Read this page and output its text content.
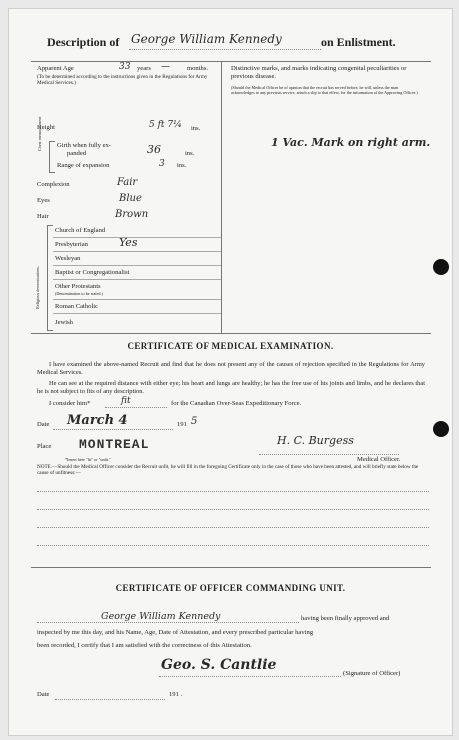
Description of George William Kennedy	on Enlistment.
Apparent Age	33 years —	months.
(To be determined according to the instructions given in the Regulations for Army Medical Services.)
Height	5 ft 7¼ ins.
Chest measure-ment Girth when fully ex-
panded	36	ins.
Range of expansion	3 ins.
Complexion	Fair
Eyes	Blue
Hair	Brown
Religious denominations.
Church of England
Presbyterian	Yes
Wesleyan
Baptist or Congregationalist
Other Protestants
(Denomination to be stated.)
Roman Catholic
Jewish
Distinctive marks, and marks indicating congenital peculiarities or previous disease.
(Should the Medical Officer be of opinion that the recruit has served before, he will, unless the man acknowledges to any previous service, attach a slip to that effect, for the information of the Approving Officer.)
1 Vac. Mark on right arm.
CERTIFICATE OF MEDICAL EXAMINATION.
I have examined the above-named Recruit and find that he does not present any of the causes of rejection specified in the Regulations for Army Medical Services.
He can see at the required distance with either eye; his heart and lungs are healthy; he has the free use of his joints and limbs, and he declares that he is not subject to fits of any description.
I consider him*	fit	for the Canadian Over-Seas Expeditionary Force.
Date March 4	191 5
Place MONTREAL	H. C. Burgess
*Insert here "fit" or "unfit."	Medical Officer.
NOTE.—Should the Medical Officer consider the Recruit unfit, he will fill in the foregoing Certificate only in the case of those who have been attested, and will briefly state below the cause of unfitness:—
CERTIFICATE OF OFFICER COMMANDING UNIT.
George William Kennedy	having been finally approved and
inspected by me this day, and his Name, Age, Date of Attestation, and every prescribed particular having
been recorded, I certify that I am satisfied with the correctness of this Attestation.
Geo. S. Cantlie
(Signature of Officer)
Date	191 .
